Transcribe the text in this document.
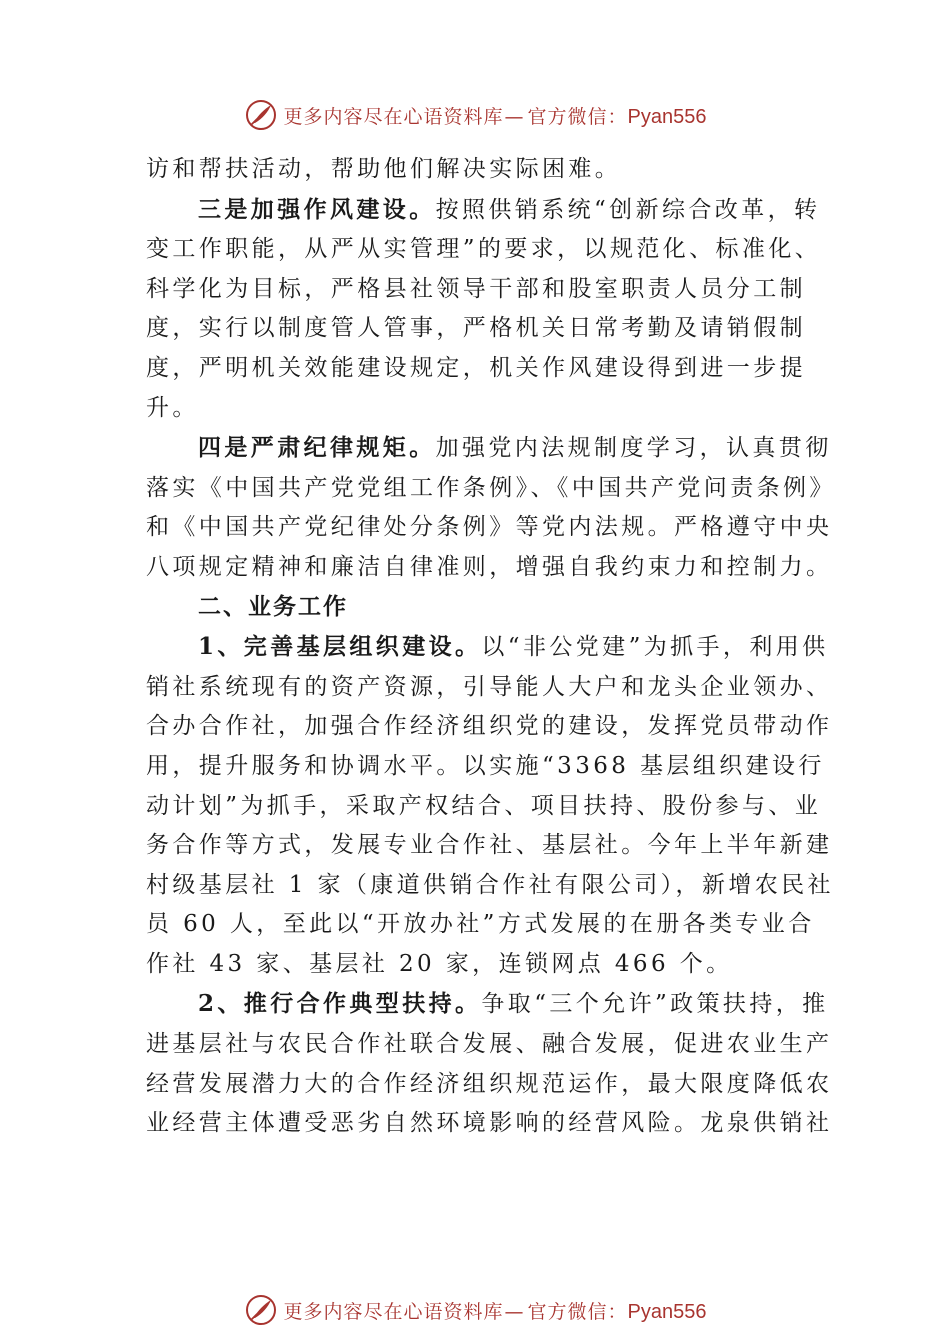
更多内容尽在心语资料库— 官方微信：Pyan556

访和帮扶活动，帮助他们解决实际困难。

三是加强作风建设。按照供销系统“创新综合改革，转变工作职能，从严从实管理”的要求，以规范化、标准化、科学化为目标，严格县社领导干部和股室职责人员分工制度，实行以制度管人管事，严格机关日常考勤及请销假制度，严明机关效能建设规定，机关作风建设得到进一步提升。

四是严肃纪律规矩。加强党内法规制度学习，认真贯彻落实《中国共产党党组工作条例》、《中国共产党问责条例》 和《中国共产党纪律处分条例》等党内法规。严格遵守中央八项规定精神和廉洁自律准则，增强自我约束力和控制力。

二、业务工作

1、完善基层组织建设。以“非公党建”为抓手，利用供销社系统现有的资产资源，引导能人大户和龙头企业领办、 合办合作社，加强合作经济组织党的建设，发挥党员带动作用，提升服务和协调水平。以实施“3368 基层组织建设行动计划”为抓手，采取产权结合、项目扶持、股份参与、业务合作等方式，发展专业合作社、基层社。今年上半年新建村级基层社 1 家（康道供销合作社有限公司），新增农民社员 60 人，至此以“开放办社”方式发展的在册各类专业合作社 43 家、基层社 20 家，连锁网点 466 个。

2、推行合作典型扶持。争取“三个允许”政策扶持，推进基层社与农民合作社联合发展、融合发展，促进农业生产经营发展潜力大的合作经济组织规范运作，最大限度降低农业经营主体遭受恶劣自然环境影响的经营风险。龙泉供销社

更多内容尽在心语资料库— 官方微信：Pyan556
